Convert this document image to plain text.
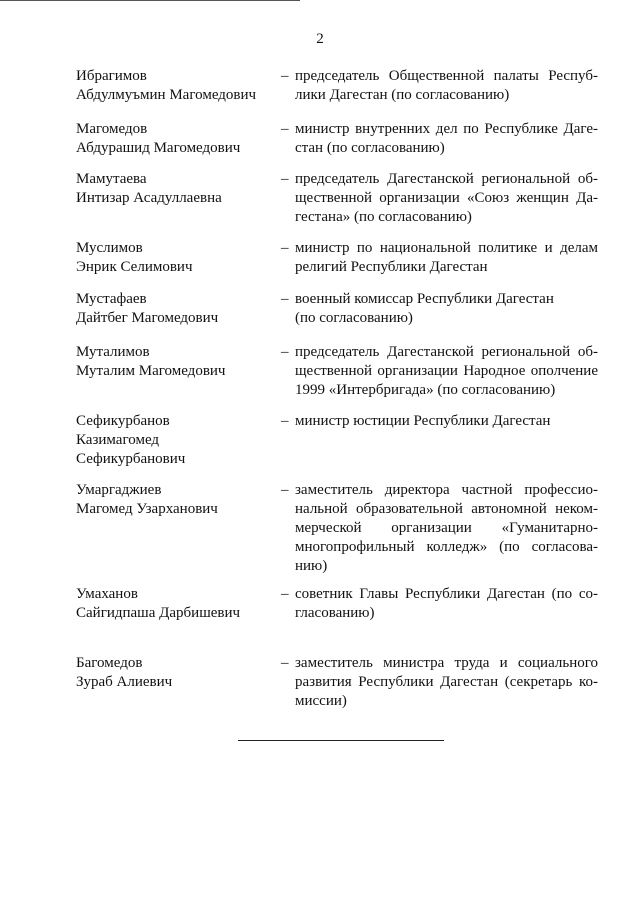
2
Ибрагимов
Абдулмуъмин Магомедович
– председатель Общественной палаты Респуб-
лики Дагестан (по согласованию)
Магомедов
Абдурашид Магомедович
– министр внутренних дел по Республике Даге-
стан (по согласованию)
Мамутаева
Интизар Асадуллаевна
– председатель Дагестанской региональной об-
щественной организации «Союз женщин Да-
гестана» (по согласованию)
Муслимов
Энрик Селимович
– министр по национальной политике и делам
религий Республики Дагестан
Мустафаев
Дайтбег Магомедович
– военный комиссар Республики Дагестан
(по согласованию)
Муталимов
Муталим Магомедович
– председатель Дагестанской региональной об-
щественной организации Народное ополчение
1999 «Интербригада» (по согласованию)
Сефикурбанов
Казимагомед
Сефикурбанович
– министр юстиции Республики Дагестан
Умаргаджиев
Магомед Узарханович
– заместитель директора частной профессио-
нальной образовательной автономной неком-
мерческой организации «Гуманитарно-
многопрофильный колледж» (по согласова-
нию)
Умаханов
Сайгидпаша Дарбишевич
– советник Главы Республики Дагестан (по со-
гласованию)
Багомедов
Зураб Алиевич
– заместитель министра труда и социального
развития Республики Дагестан (секретарь ко-
миссии)
